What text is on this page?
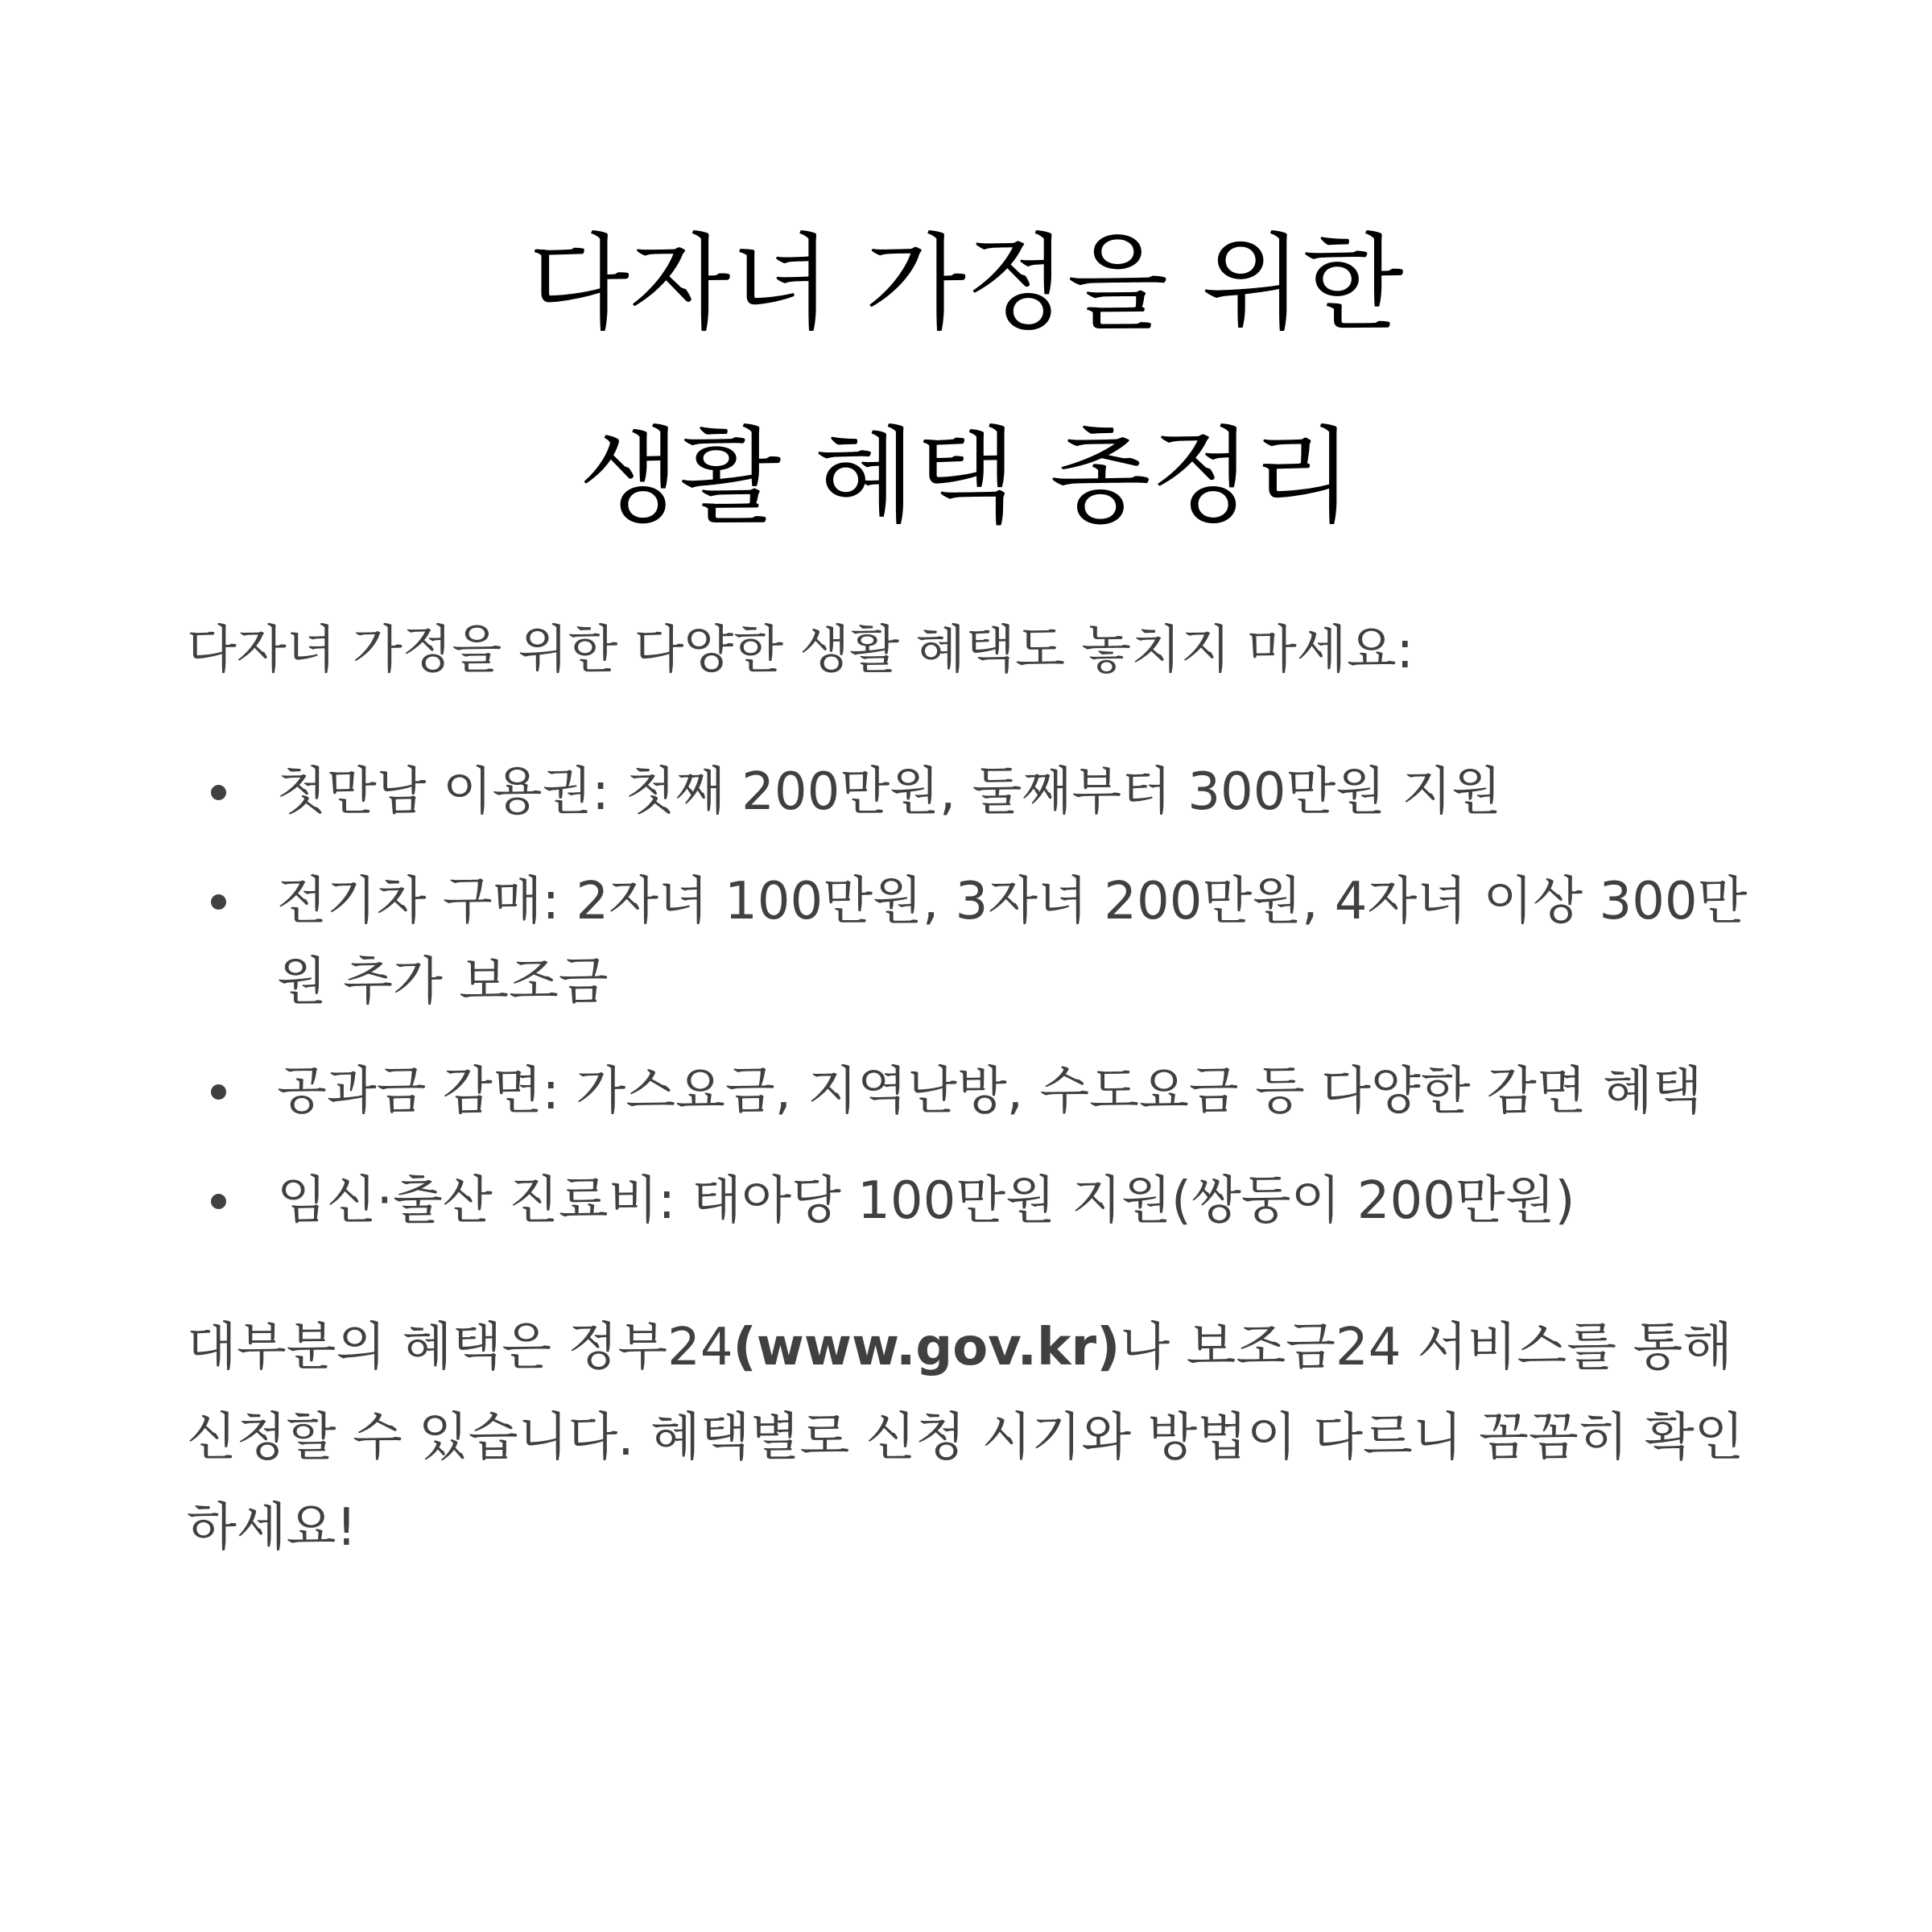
다자녀 가정을 위한
생활 혜택 총정리

다자녀 가정을 위한 다양한 생활 혜택도 놓치지 마세요:

첫만남 이용권: 첫째 200만원, 둘째부터 300만원 지원
전기차 구매: 2자녀 100만원, 3자녀 200만원, 4자녀 이상 300만원 추가 보조금
공과금 감면: 가스요금, 지역난방, 수도요금 등 다양한 감면 혜택
임신·출산 진료비: 태아당 100만원 지원(쌍둥이 200만원)

대부분의 혜택은 정부24(www.gov.kr)나 보조금24 서비스를 통해 신청할 수 있습니다. 혜택별로 신청 시기와 방법이 다르니 꼼꼼히 확인하세요!
